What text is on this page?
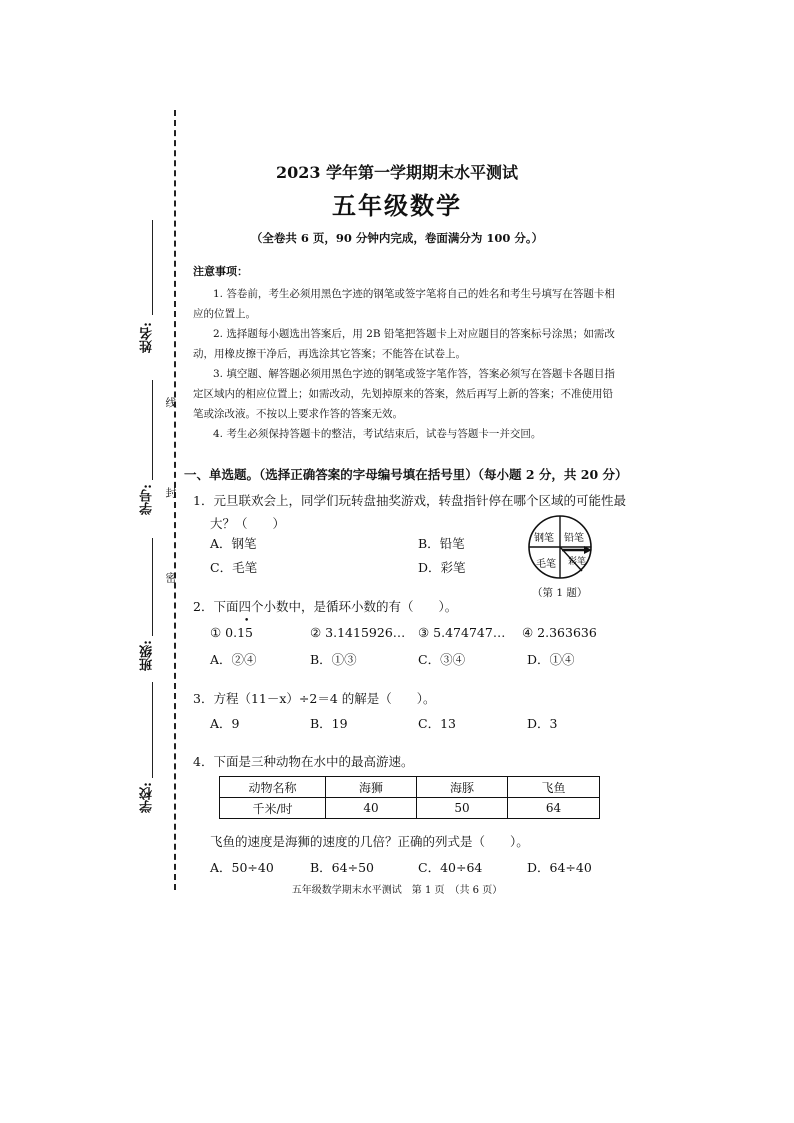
姓名:
学号:
班级:
学校:
线
封
密
2023 学年第一学期期末水平测试
五年级数学
（全卷共 6 页，90 分钟内完成，卷面满分为 100 分。）
注意事项：
1. 答卷前，考生必须用黑色字迹的钢笔或签字笔将自己的姓名和考生号填写在答题卡相应的位置上。
2. 选择题每小题选出答案后，用 2B 铅笔把答题卡上对应题目的答案标号涂黑；如需改动，用橡皮擦干净后，再选涂其它答案；不能答在试卷上。
3. 填空题、解答题必须用黑色字迹的钢笔或签字笔作答，答案必须写在答题卡各题目指定区域内的相应位置上；如需改动，先划掉原来的答案，然后再写上新的答案；不准使用铅笔或涂改液。不按以上要求作答的答案无效。
4. 考生必须保持答题卡的整洁，考试结束后，试卷与答题卡一并交回。
一、单选题。（选择正确答案的字母编号填在括号里）（每小题 2 分，共 20 分）
1．元旦联欢会上，同学们玩转盘抽奖游戏，转盘指针停在哪个区域的可能性最
大？（　　）
A．钢笔	B．铅笔
C．毛笔	D．彩笔
钢笔 铅笔
毛笔 彩笔
（第 1 题）
2．下面四个小数中，是循环小数的有（　　）。
•
① 0.15	② 3.1415926… ③ 5.474747… ④ 2.363636
A．②④	B．①③	C．③④	D．①④
3．方程（11－x）÷2＝4 的解是（　　）。
A．9	B．19	C．13	D．3
4．下面是三种动物在水中的最高游速。
动物名称	海狮	海豚	飞鱼
千米/时	40	50	64
飞鱼的速度是海狮的速度的几倍？正确的列式是（　　）。
A．50÷40	B．64÷50	C．40÷64	D．64÷40
五年级数学期末水平测试　第 1 页　（共 6 页）
